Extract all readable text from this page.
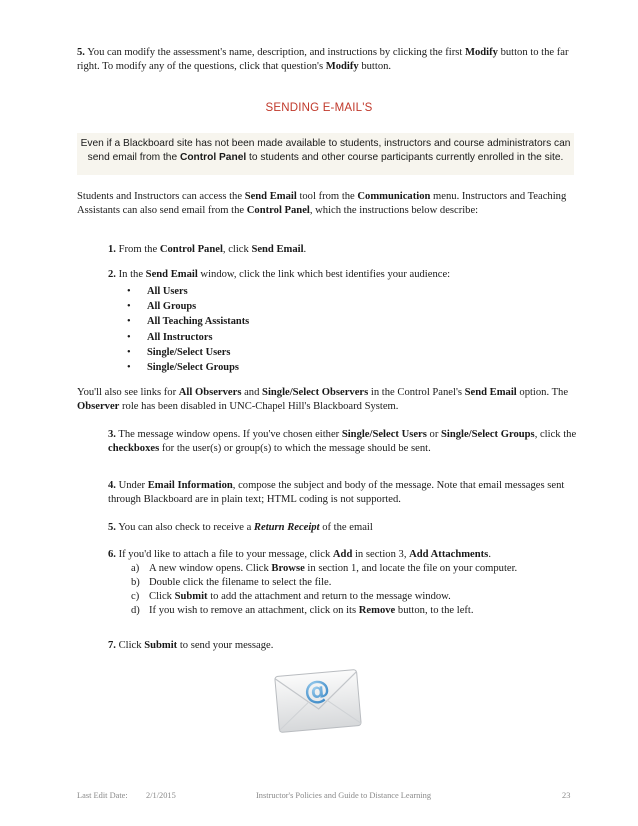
5. You can modify the assessment's name, description, and instructions by clicking the first Modify button to the far right. To modify any of the questions, click that question's Modify button.

SENDING E-MAIL'S
Even if a Blackboard site has not been made available to students, instructors and course administrators can send email from the Control Panel to students and other course participants currently enrolled in the site.

Students and Instructors can access the Send Email tool from the Communication menu. Instructors and Teaching Assistants can also send email from the Control Panel, which the instructions below describe:

1. From the Control Panel, click Send Email.

2. In the Send Email window, click the link which best identifies your audience:

• All Users
• All Groups
• All Teaching Assistants
• All Instructors
• Single/Select Users
• Single/Select Groups

You'll also see links for All Observers and Single/Select Observers in the Control Panel's Send Email option. The Observer role has been disabled in UNC-Chapel Hill's Blackboard System.

3. The message window opens. If you've chosen either Single/Select Users or Single/Select Groups, click the checkboxes for the user(s) or group(s) to which the message should be sent.

4. Under Email Information, compose the subject and body of the message. Note that email messages sent through Blackboard are in plain text; HTML coding is not supported.

5. You can also check to receive a Return Receipt of the email

6. If you'd like to attach a file to your message, click Add in section 3, Add Attachments.

a) A new window opens. Click Browse in section 1, and locate the file on your computer.
b) Double click the filename to select the file.
c) Click Submit to add the attachment and return to the message window.
d) If you wish to remove an attachment, click on its Remove button, to the left.

7. Click Submit to send your message.

@
Last Edit Date: 2/1/2015	Instructor's Policies and Guide to Distance Learning	23
